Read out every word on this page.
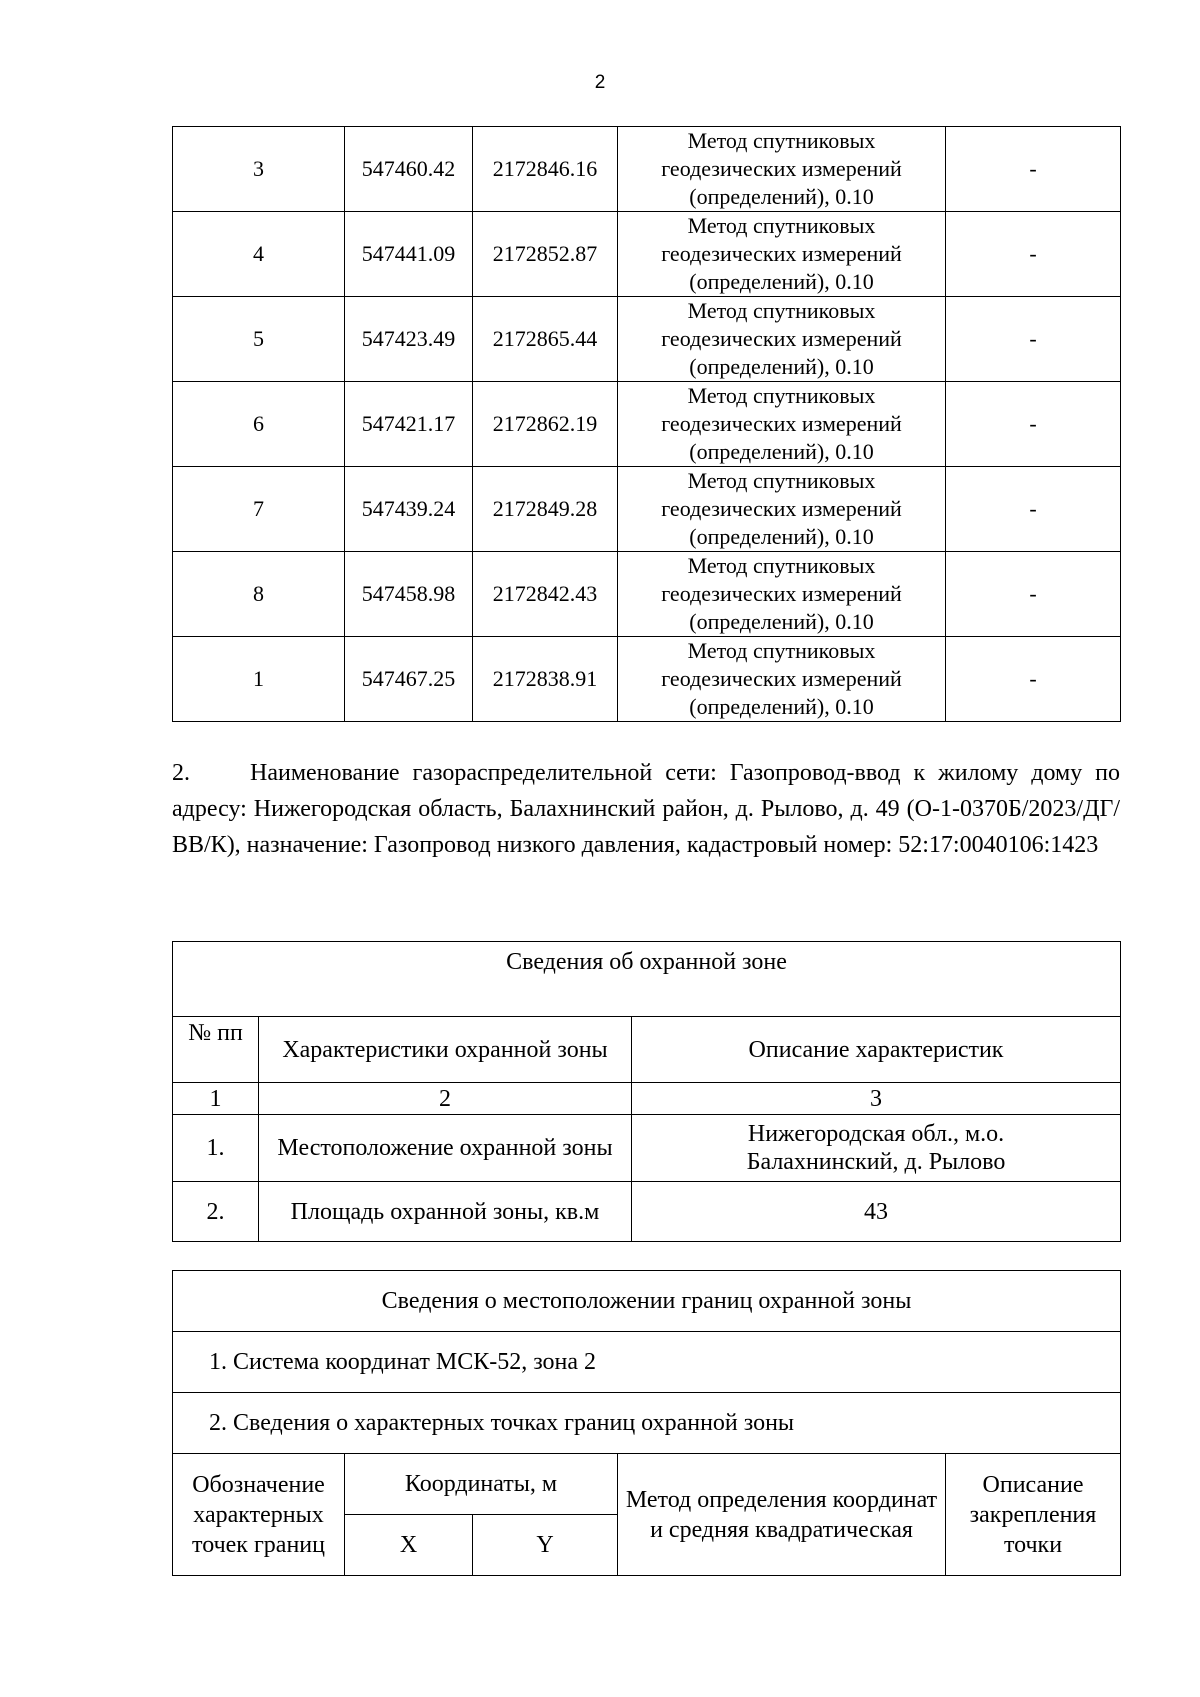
2
3	547460.42	2172846.16	Метод спутниковых геодезических измерений (определений), 0.10	-
4	547441.09	2172852.87	Метод спутниковых геодезических измерений (определений), 0.10	-
5	547423.49	2172865.44	Метод спутниковых геодезических измерений (определений), 0.10	-
6	547421.17	2172862.19	Метод спутниковых геодезических измерений (определений), 0.10	-
7	547439.24	2172849.28	Метод спутниковых геодезических измерений (определений), 0.10	-
8	547458.98	2172842.43	Метод спутниковых геодезических измерений (определений), 0.10	-
1	547467.25	2172838.91	Метод спутниковых геодезических измерений (определений), 0.10	-

2.	Наименование газораспределительной сети: Газопровод-ввод к жилому дому по адресу: Нижегородская область, Балахнинский район, д. Рылово, д. 49 (О-1-0370Б/2023/ДГ/ВВ/К), назначение: Газопровод низкого давления, кадастровый номер: 52:17:0040106:1423

Сведения об охранной зоне		
№ пп	Характеристики охранной зоны	Описание характеристик
1	2	3
1.	Местоположение охранной зоны	Нижегородская обл., м.о. Балахнинский, д. Рылово
2.	Площадь охранной зоны, кв.м	43
Сведения о местоположении границ охранной зоны				
1. Система координат МСК-52, зона 2				
2. Сведения о характерных точках границ охранной зоны				
Обозначение характерных точек границ	Координаты, м		Метод определения координат и средняя квадратическая	Описание закрепления точки
	X	Y		
